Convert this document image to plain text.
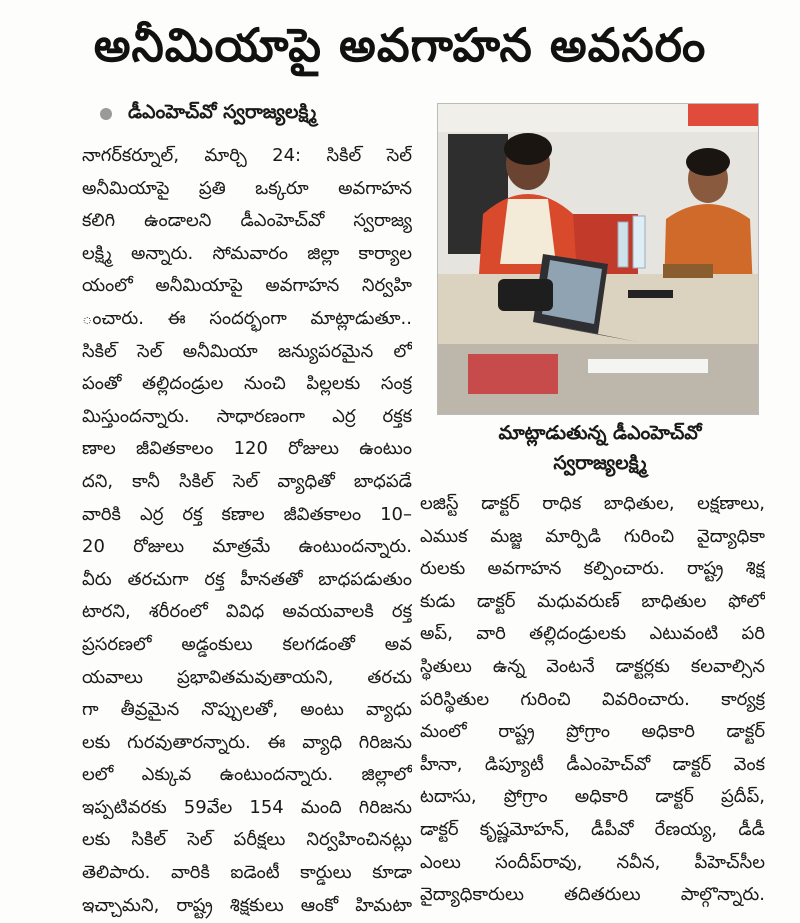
అనీమియాపై అవగాహన అవసరం
డీఎంహెచ్‌వో స్వరాజ్యలక్ష్మి
నాగర్‌కర్నూల్, మార్చి 24: సికిల్ సెల్
అనీమియాపై ప్రతి ఒక్కరూ అవగాహన
కలిగి ఉండాలని డీఎంహెచ్‌వో స్వరాజ్య
లక్ష్మి అన్నారు. సోమవారం జిల్లా కార్యాల
యంలో అనీమియాపై అవగాహన నిర్వహి
ంచారు. ఈ సందర్భంగా మాట్లాడుతూ..
సికిల్ సెల్ అనీమియా జన్యుపరమైన లో
పంతో తల్లిదండ్రుల నుంచి పిల్లలకు సంక్ర
మిస్తుందన్నారు. సాధారణంగా ఎర్ర రక్తక
ణాల జీవితకాలం 120 రోజులు ఉంటుం
దని, కానీ సికిల్ సెల్ వ్యాధితో బాధపడే
వారికి ఎర్ర రక్త కణాల జీవితకాలం 10–
20 రోజులు మాత్రమే ఉంటుందన్నారు.
వీరు తరచుగా రక్త హీనతతో బాధపడుతుం
టారని, శరీరంలో వివిధ అవయవాలకి రక్త
ప్రసరణలో అడ్డంకులు కలగడంతో అవ
యవాలు ప్రభావితమవుతాయని, తరచు
గా తీవ్రమైన నొప్పులతో, అంటు వ్యాధు
లకు గురవుతారన్నారు. ఈ వ్యాధి గిరిజను
లలో ఎక్కువ ఉంటుందన్నారు. జిల్లాలో
ఇప్పటివరకు 59వేల 154 మంది గిరిజను
లకు సికిల్ సెల్ పరీక్షలు నిర్వహించినట్లు
తెలిపారు. వారికి ఐడెంటీ కార్డులు కూడా
ఇచ్చామని, రాష్ట్ర శిక్షకులు ఆంకో హిమటా
మాట్లాడుతున్న డీఎంహెచ్‌వో
స్వరాజ్యలక్ష్మి
లజిస్ట్ డాక్టర్ రాధిక బాధితుల, లక్షణాలు,
ఎముక మజ్జ మార్పిడి గురించి వైద్యాధికా
రులకు అవగాహన కల్పించారు. రాష్ట్ర శిక్ష
కుడు డాక్టర్ మధువరుణ్ బాధితుల ఫోలో
అప్, వారి తల్లిదండ్రులకు ఎటువంటి పరి
స్థితులు ఉన్న వెంటనే డాక్టర్లకు కలవాల్సిన
పరిస్థితుల గురించి వివరించారు. కార్యక్ర
మంలో రాష్ట్ర ప్రోగ్రాం అధికారి డాక్టర్
హీనా, డిప్యూటీ డీఎంహెచ్‌వో డాక్టర్ వెంక
టదాసు, ప్రోగ్రాం అధికారి డాక్టర్ ప్రదీప్,
డాక్టర్ కృష్ణమోహన్, డీపీవో రేణయ్య, డీడీ
ఎంలు సందీప్‌రావు, నవీన, పీహెచ్‌సీల
వైద్యాధికారులు తదితరులు పాల్గొన్నారు.
